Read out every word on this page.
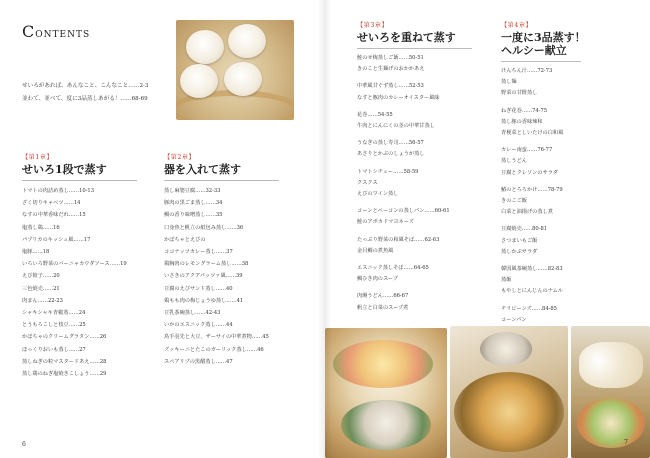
Contents
せいろがあれば、あんなこと、こんなこと……2-3
並わて、並べて、度に3品蒸しあがる！……68-69
【第1章】
せいろ1段で蒸す
トマトの肉詰め蒸し……10-13
ざく切りキャベツ……14
なすの中華香味だれ……15
塩蒸し鶏……16
パプリカのキッシュ風……17
塩豚……18
いろいろ野菜のバーニャカウダソース……19
えび餃子……20
三色焼売……21
肉まん……22-23
シャキシャキ青椒蒸……24
とうもろこしと枝豆……25
かぼちゃのクリームグラタン……26
ほっくりおいも蒸し……27
蒸しねぎの粒マスタードあえ……28
蒸し鶏のねぎ塩焼きこしょう……29
【第2章】
器を入れて蒸す
蒸し麻婆豆腐……32-33
豚肉の黒ごま蒸し……34
鯛の香り味噌蒸し……35
口身魚と帆立の紙包み蒸し……36
かぼちゃとえびの
ココナッツカレー蒸し……37
鶏胸肉のレモングラーム蒸し……38
いさきのアクアパッツァ風……39
豆腐のえびサンド蒸し……40
鶏もも肉の梅じょうゆ蒸し……41
豆乳茶碗蒸し……42-43
いかのエスニック蒸し……44
鳥手羽先と大豆、ザーサイの中華煮物……45
ズッキーニとたこのガーリック蒸し……46
スペアリブの黒醋蒸し……47
6
【第3章】
せいろを重ねて蒸す
鮭のせ梅蒸しご飯……50-51
きのこと生麺げのおかかあえ
中華風甘ぐず蒸し……52-53
なすと豚肉のカレーオイスター風味
花巻……54-55
牛肉とにんにくの茎の中華甘蒸し
うなぎの蒸し寿司……56-57
あさりとかぶのしょうが蒸し
トマトシチュー……58-59
クスクス
えびのワイン蒸し
コーンとベーコンの蒸しパン……60-61
鮭のアボカドマヨネーズ
たっぷり野菜の和風そば……62-63
金目鯛の煮魚風
エスニック蒸しそば……64-65
鯛ひき肉のスープ
肉饅うどん……66-67
帆立と白菜のスープ煮
【第4章】
一度に3品蒸す！
ヘルシー献立
けんちん汁……72-73
蒸し麺
野菜の甘酢蒸し
ねぎ花巻……74-75
蒸し豚の香味辣和
青梗菜としいたけの白和風
カレー南蛮……76-77
蒸しうどん
豆腐とクレソンのサラダ
鰆のとろろかけ……78-79
きのこご飯
白菜と油揚げの蒸し煮
豆腐焼売……80-81
さつまいもご飯
蒸しかぶサラダ
韓国風茶碗蒸し……82-83
蒸飯
もやしとにんじんのナムル
チリビーンズ……84-85
コーンパン
7
